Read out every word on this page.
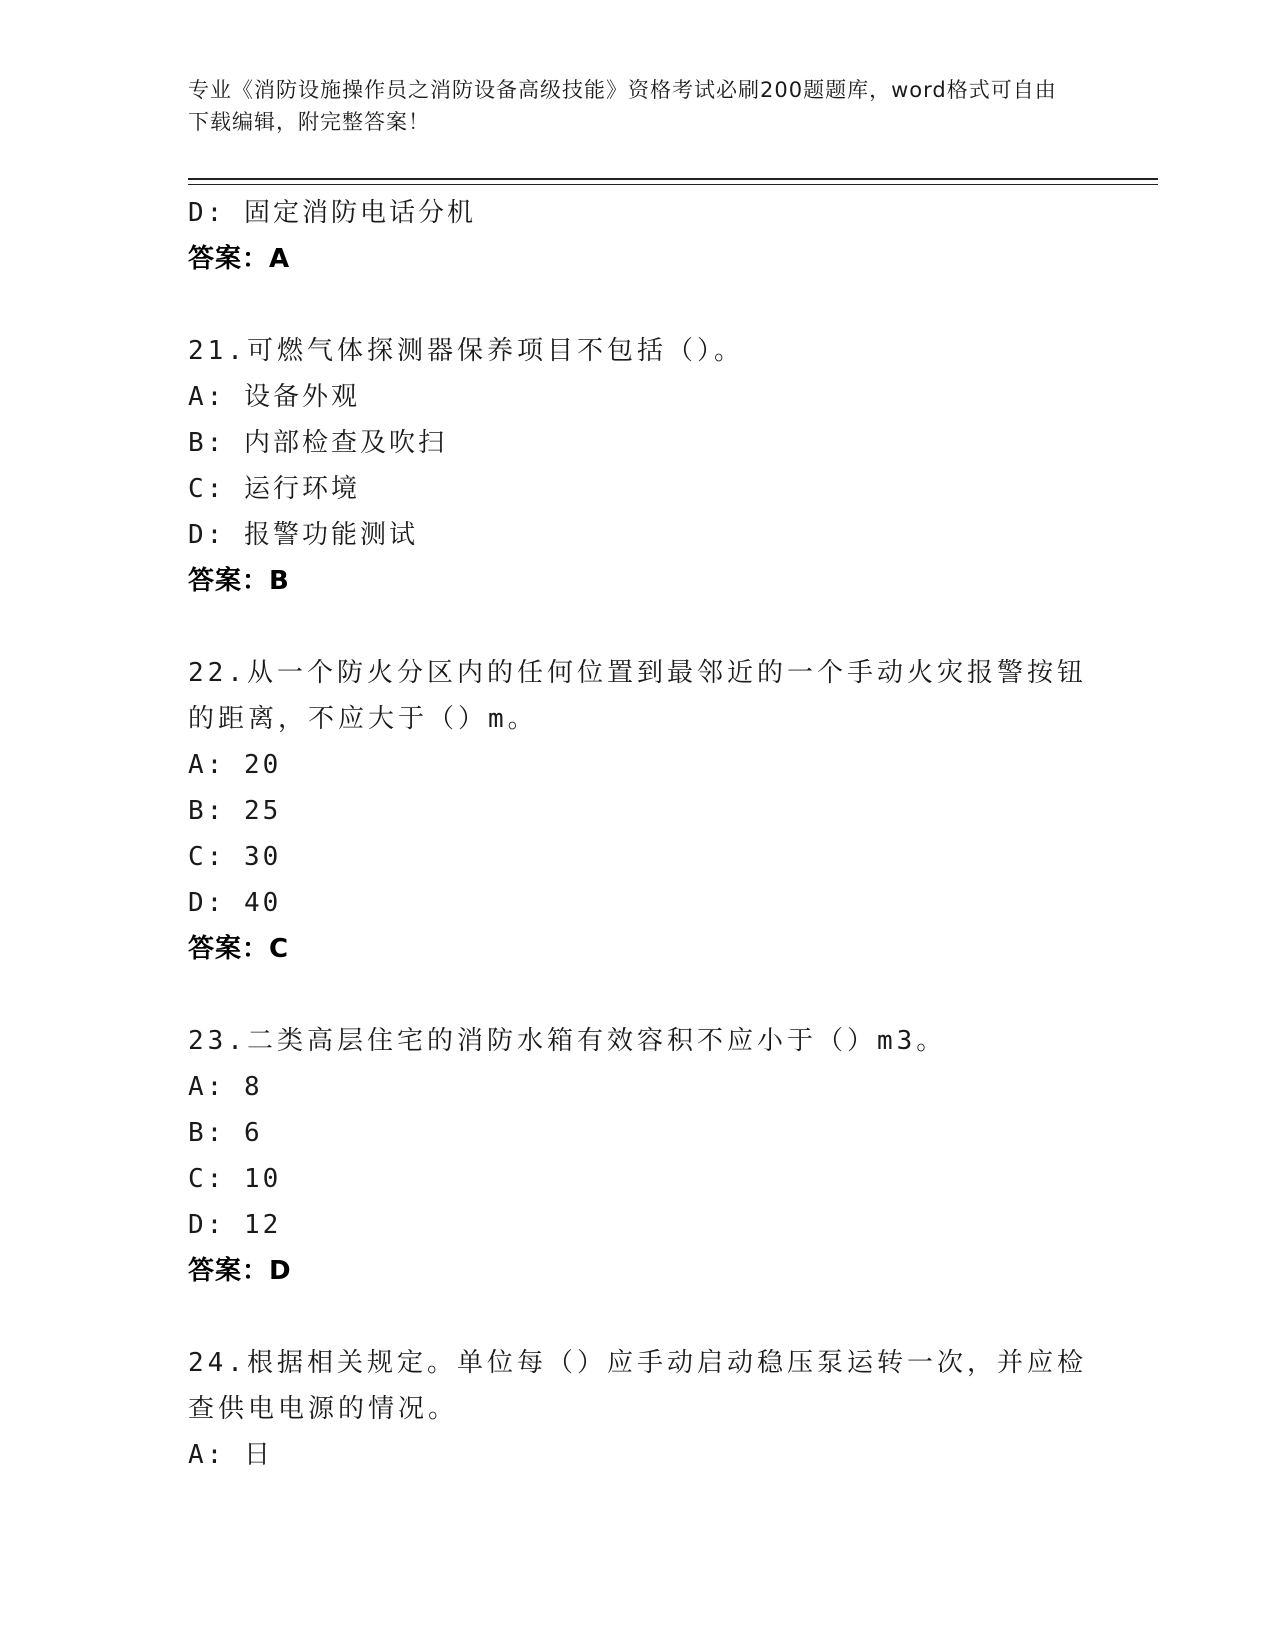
专业《消防设施操作员之消防设备高级技能》资格考试必刷200题题库，word格式可自由下载编辑，附完整答案！
D: 固定消防电话分机
答案：A
21.可燃气体探测器保养项目不包括（）。
A: 设备外观
B: 内部检查及吹扫
C: 运行环境
D: 报警功能测试
答案：B
22.从一个防火分区内的任何位置到最邻近的一个手动火灾报警按钮的距离，不应大于（）m。
A: 20
B: 25
C: 30
D: 40
答案：C
23.二类高层住宅的消防水箱有效容积不应小于（）m3。
A: 8
B: 6
C: 10
D: 12
答案：D
24.根据相关规定。单位每（）应手动启动稳压泵运转一次，并应检查供电电源的情况。
A: 日
